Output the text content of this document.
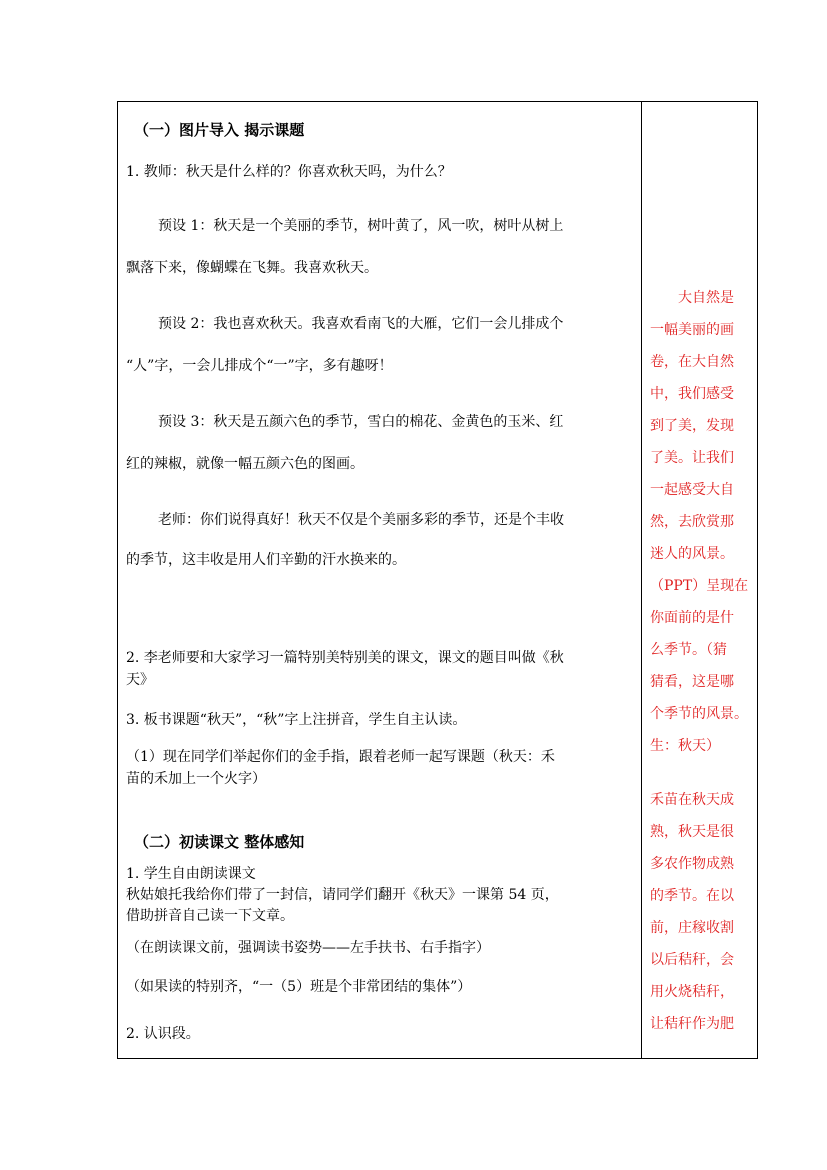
（一）图片导入 揭示课题
1. 教师：秋天是什么样的？你喜欢秋天吗，为什么？
预设 1：秋天是一个美丽的季节，树叶黄了，风一吹，树叶从树上
飘落下来，像蝴蝶在飞舞。我喜欢秋天。
预设 2：我也喜欢秋天。我喜欢看南飞的大雁，它们一会儿排成个
“人”字，一会儿排成个“一”字，多有趣呀！
预设 3：秋天是五颜六色的季节，雪白的棉花、金黄色的玉米、红
红的辣椒，就像一幅五颜六色的图画。
老师：你们说得真好！秋天不仅是个美丽多彩的季节，还是个丰收
的季节，这丰收是用人们辛勤的汗水换来的。
2. 李老师要和大家学习一篇特别美特别美的课文，课文的题目叫做《秋
天》
3. 板书课题“秋天”，“秋”字上注拼音，学生自主认读。
（1）现在同学们举起你们的金手指，跟着老师一起写课题（秋天：禾
苗的禾加上一个火字）
（二）初读课文 整体感知
1. 学生自由朗读课文
秋姑娘托我给你们带了一封信，请同学们翻开《秋天》一课第 54 页，
借助拼音自己读一下文章。
（在朗读课文前，强调读书姿势——左手扶书、右手指字）
（如果读的特别齐，“一（5）班是个非常团结的集体”）
2. 认识段。
大自然是
一幅美丽的画
卷，在大自然
中，我们感受
到了美，发现
了美。让我们
一起感受大自
然，去欣赏那
迷人的风景。
（PPT）呈现在
你面前的是什
么季节。（猜
猜看，这是哪
个季节的风景。
生：秋天）
禾苗在秋天成
熟，秋天是很
多农作物成熟
的季节。在以
前，庄稼收割
以后秸秆，会
用火烧秸秆，
让秸秆作为肥
